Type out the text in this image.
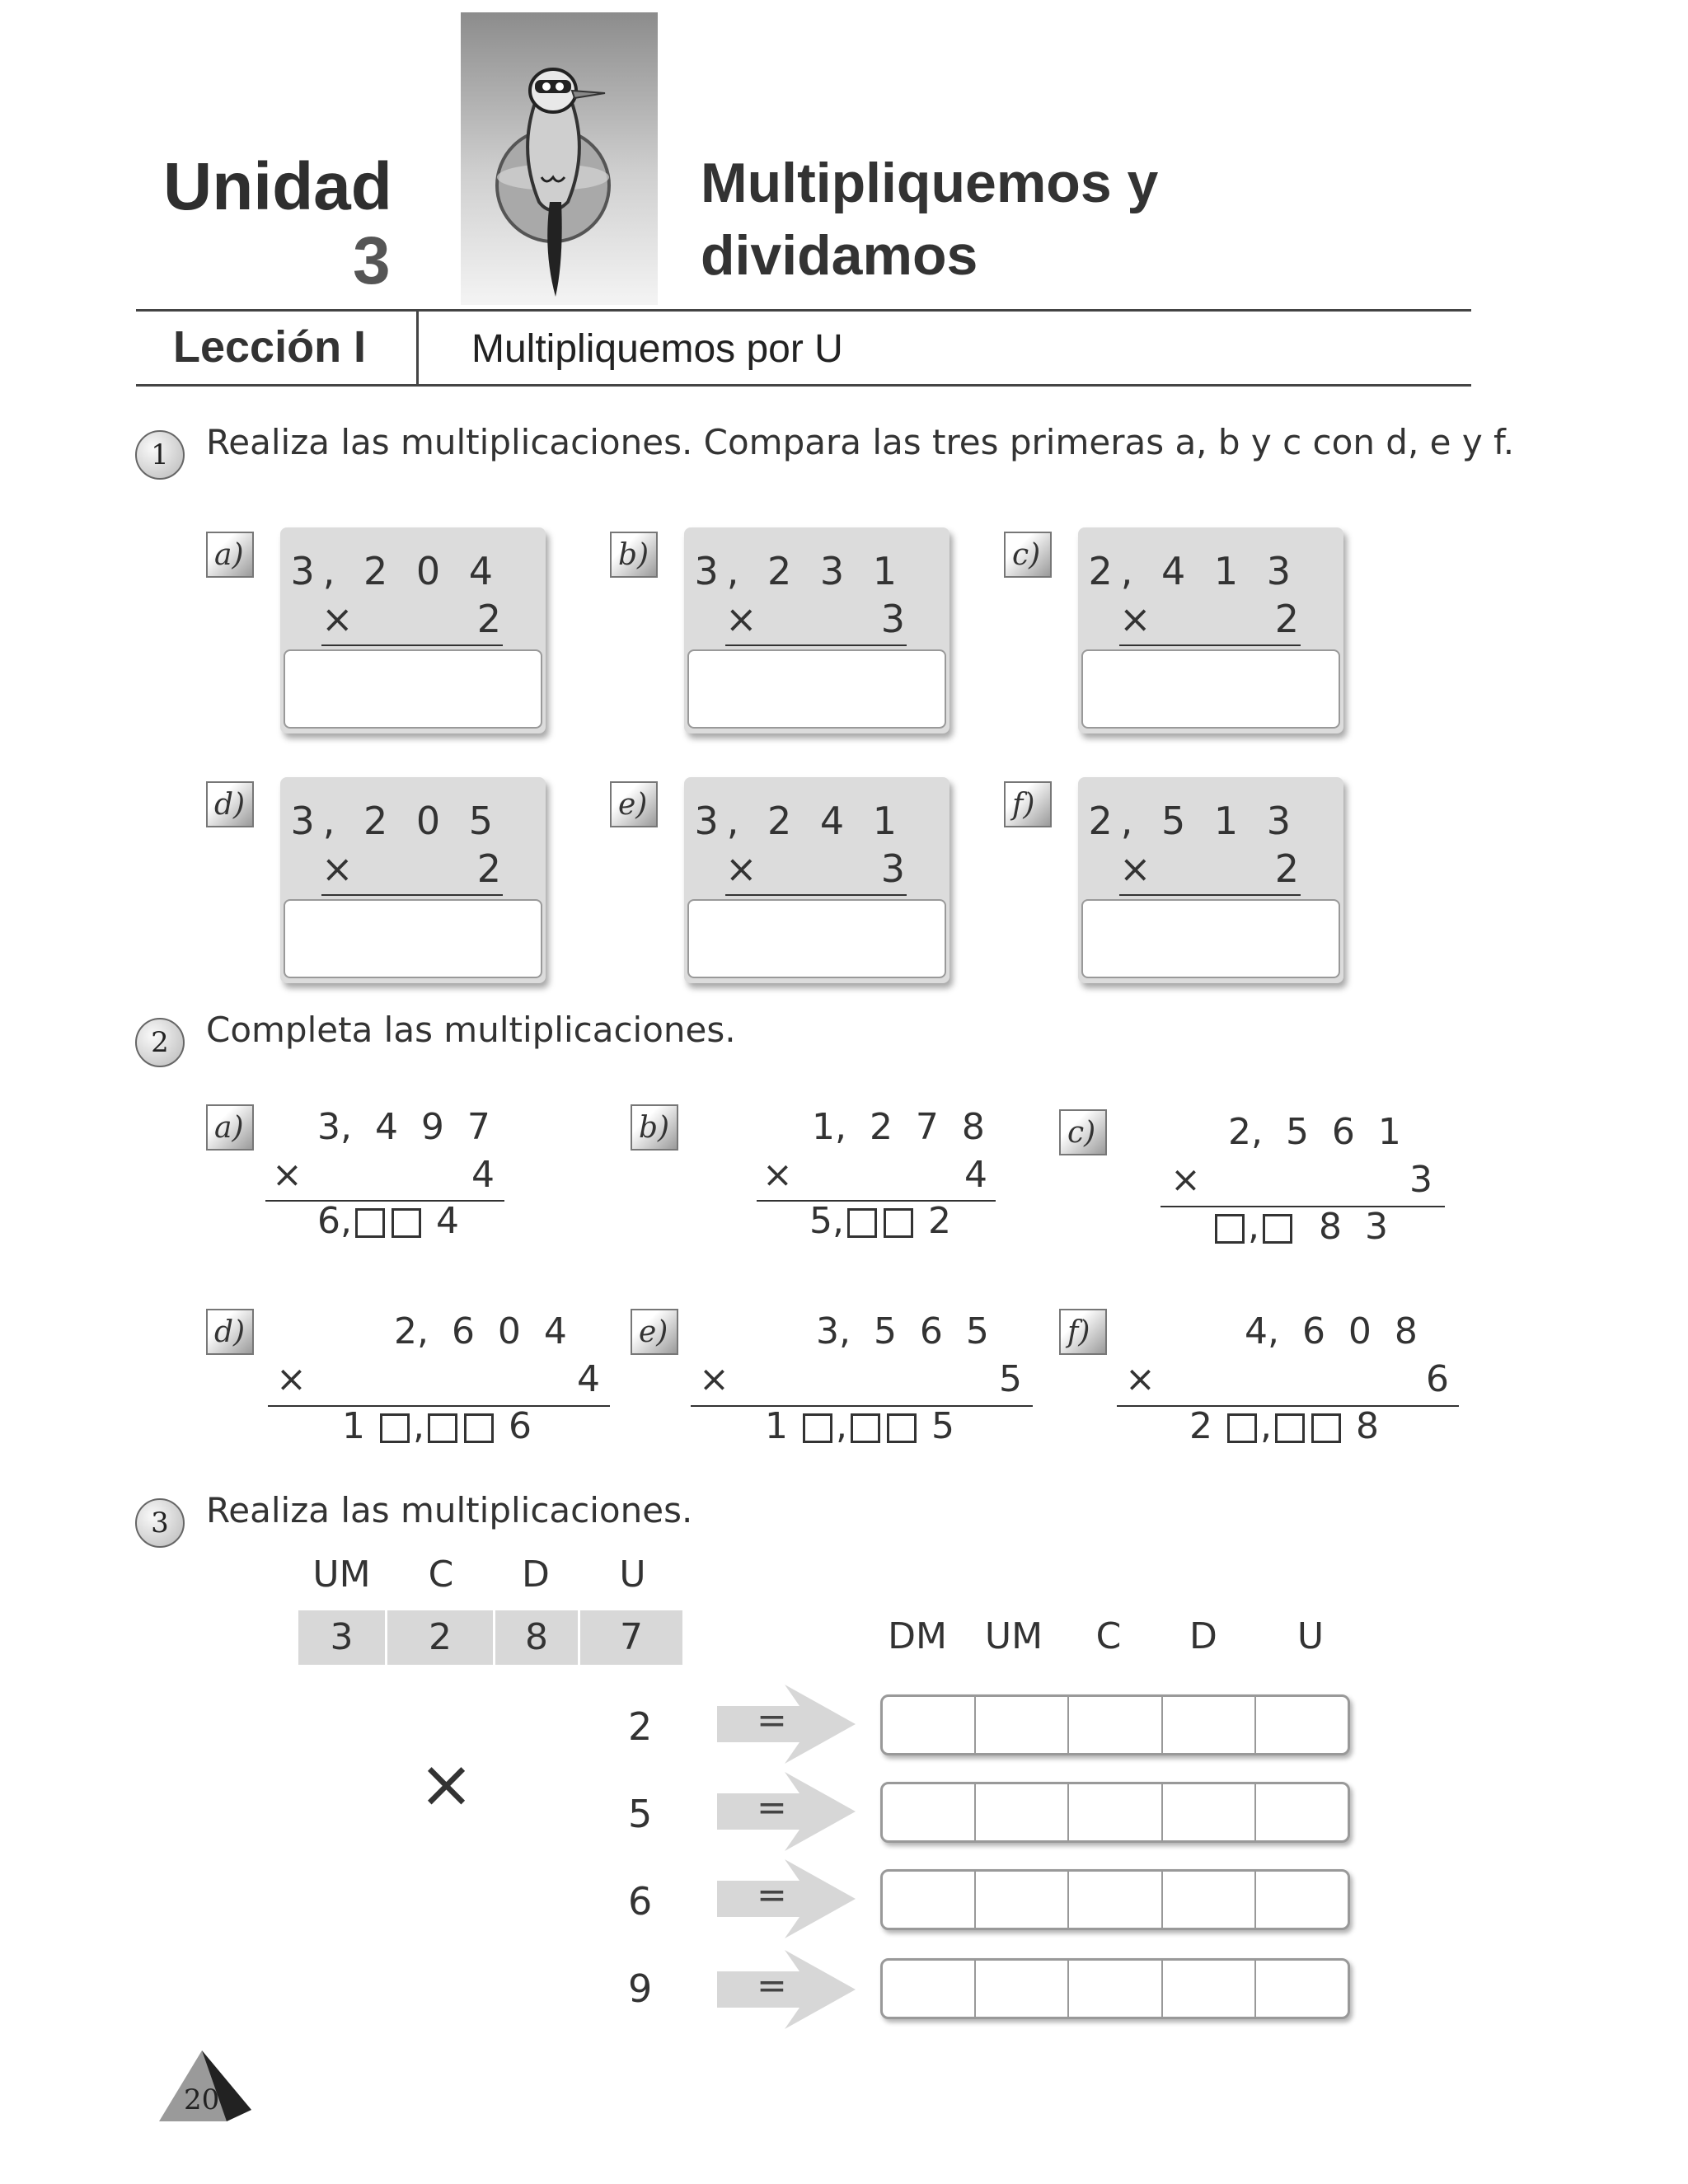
Unidad
3
Multipliquemos y
dividamos
Lección I	Multipliquemos por U
1	Realiza las multiplicaciones. Compara las tres primeras a, b y c con d, e y f.
a) 3, 2 0 4
×	2
b) 3, 2 3 1
×	3
c) 2, 4 1 3
×	2
d) 3, 2 0 5
×	2
e) 3, 2 4 1
×	3
f)	2, 5 1 3
×	2
2	Completa las multiplicaciones.
a) 3,  4  9  7
×	4
6, 4
b)	1,  2  7  8
×	4
5, 2
c)	2,  5  6  1
×	3
, 8  3
d)	2,  6  0  4
×	4
1 , 6
e)	3,  5  6  5
×	5
1 , 5
f)	4,  6  0  8
×	6
2 , 8
3	Realiza las multiplicaciones.
UM	C	D	U
3	2	8	7
×
DM	UM	C	D	U
2	=
5	=
6	=
9	=
20
